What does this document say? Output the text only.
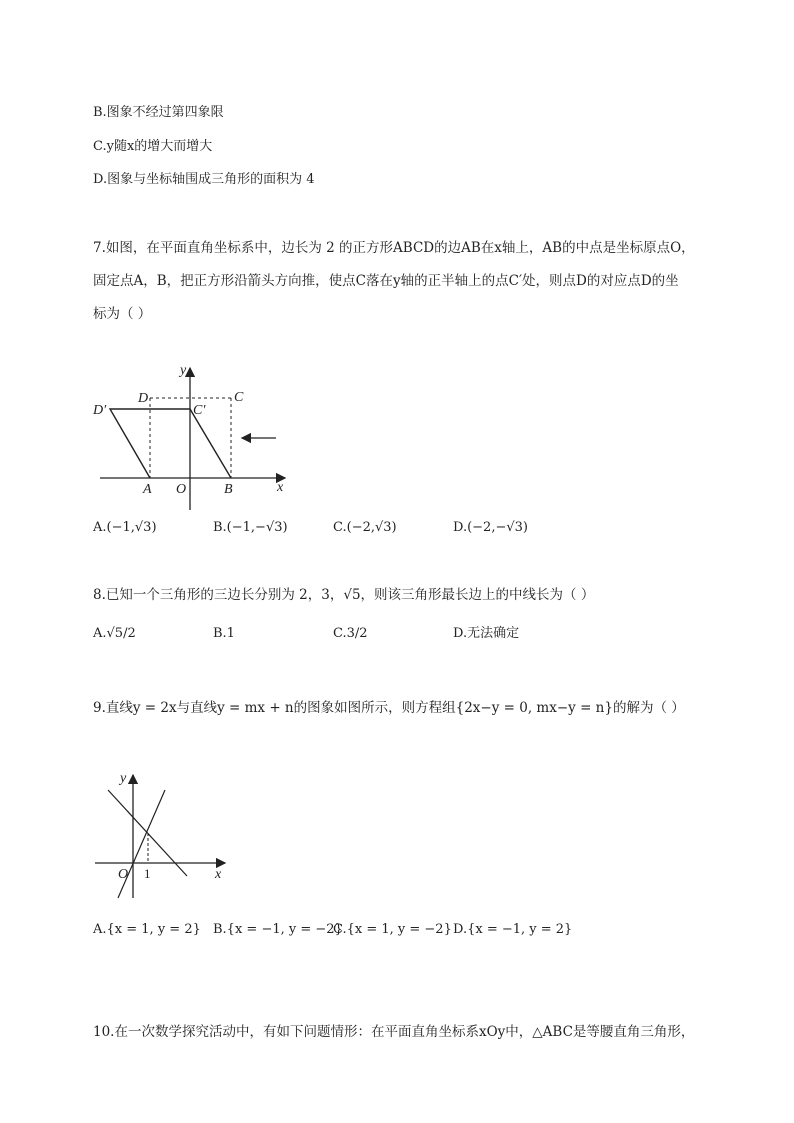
B.图象不经过第四象限
C.y随x的增大而增大
D.图象与坐标轴围成三角形的面积为 4
7.如图，在平面直角坐标系中，边长为 2 的正方形ABCD的边AB在x轴上，AB的中点是坐标原点O，
固定点A，B，把正方形沿箭头方向推，使点C落在y轴的正半轴上的点C′处，则点D的对应点D的坐
标为（ ）
y
x
O
A	B
C
D
C′
D′
A.(−1,√3)	B.(−1,−√3)	C.(−2,√3)	D.(−2,−√3)
8.已知一个三角形的三边长分别为 2，3，√5，则该三角形最长边上的中线长为（ ）
A.√5/2	B.1	C.3/2	D.无法确定
9.直线y = 2x与直线y = mx + n的图象如图所示，则方程组{2x−y = 0, mx−y = n}的解为（ ）
y
x
O 1
A.{x = 1, y = 2} B.{x = −1, y = −2}
C.{x = 1, y = −2} D.{x = −1, y = 2}
10.在一次数学探究活动中，有如下问题情形：在平面直角坐标系xOy中，△ABC是等腰直角三角形，
